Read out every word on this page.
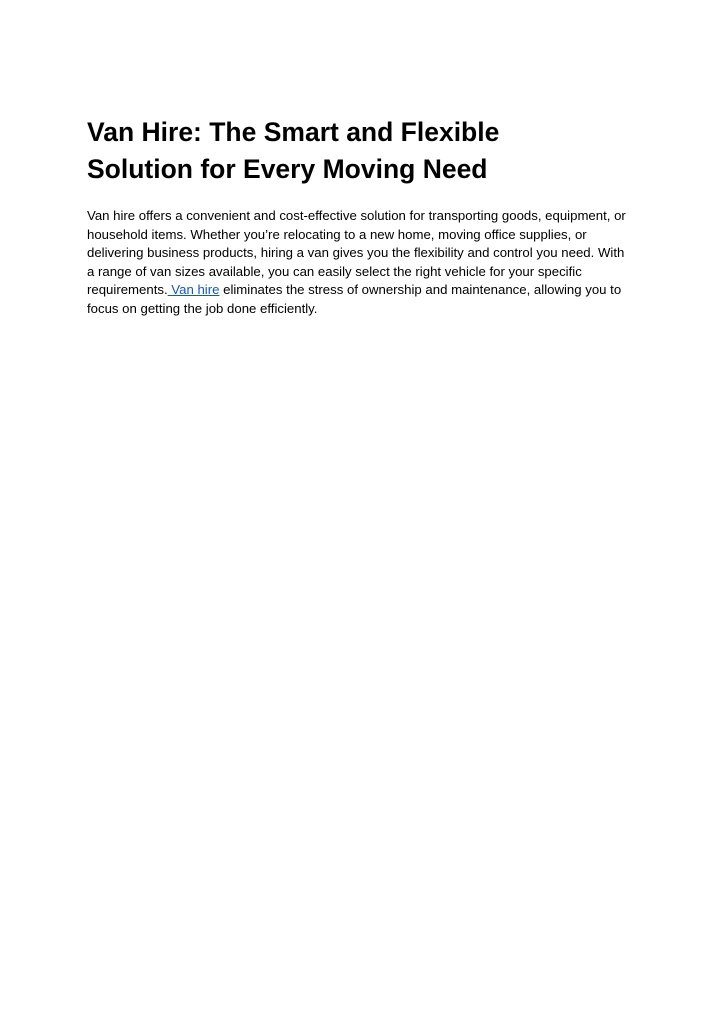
Van Hire: The Smart and Flexible
Solution for Every Moving Need

Van hire offers a convenient and cost-effective solution for transporting goods, equipment, or
household items. Whether you’re relocating to a new home, moving office supplies, or
delivering business products, hiring a van gives you the flexibility and control you need. With
a range of van sizes available, you can easily select the right vehicle for your specific
requirements. Van hire eliminates the stress of ownership and maintenance, allowing you to
focus on getting the job done efficiently.
